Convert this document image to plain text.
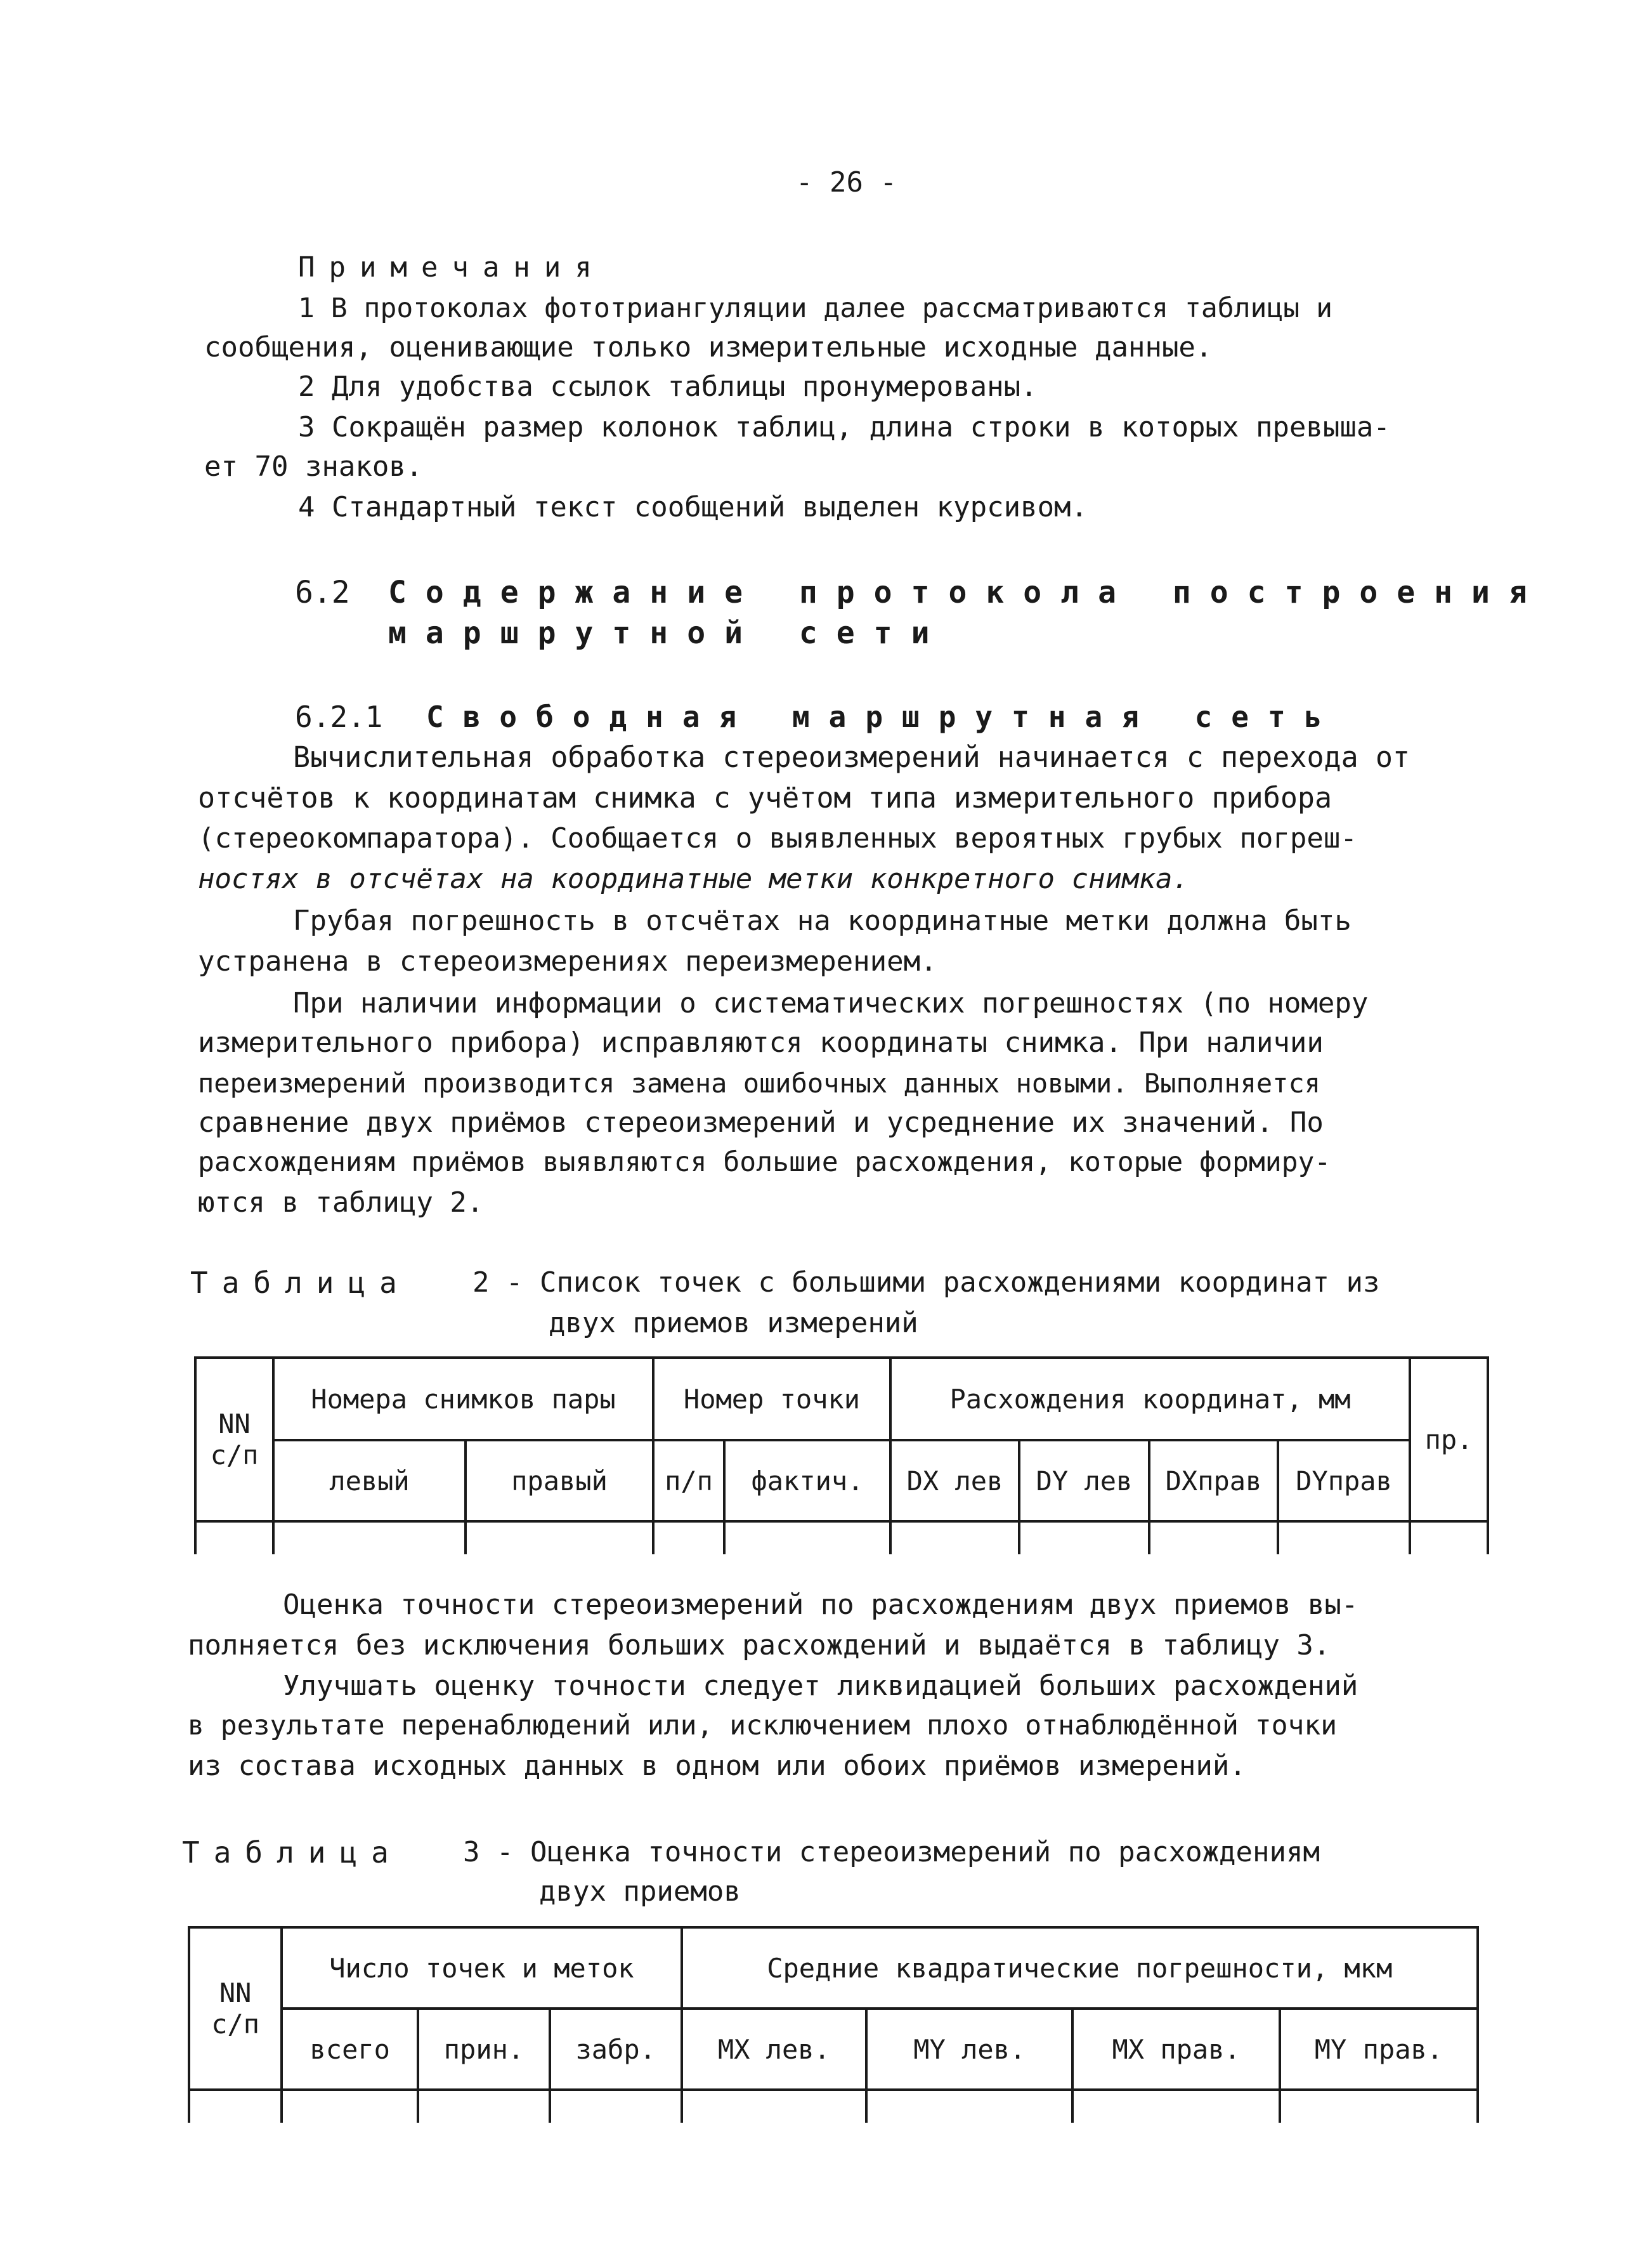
- 26 -
Примечания
1 В протоколах фототриангуляции далее рассматриваются таблицы и
сообщения, оценивающие только измерительные исходные данные.
2 Для удобства ссылок таблицы пронумерованы.
3 Сокращён размер колонок таблиц, длина строки в которых превыша-
ет 70 знаков.
4 Стандартный текст сообщений выделен курсивом.
6.2 Содержание протокола построения
маршрутной сети
6.2.1 Свободная маршрутная сеть
Вычислительная обработка стереоизмерений начинается с перехода от
отсчётов к координатам снимка с учётом типа измерительного прибора
(стереокомпаратора). Сообщается о выявленных вероятных грубых погреш-
ностях в отсчётах на координатные метки конкретного снимка.
Грубая погрешность в отсчётах на координатные метки должна быть
устранена в стереоизмерениях переизмерением.
При наличии информации о систематических погрешностях (по номеру
измерительного прибора) исправляются координаты снимка. При наличии
переизмерений производится замена ошибочных данных новыми. Выполняется
сравнение двух приёмов стереоизмерений и усреднение их значений. По
расхождениям приёмов выявляются большие расхождения, которые формиру-
ются в таблицу 2.
Таблица 2 - Список точек с большими расхождениями координат из
двух приемов измерений
NN
с/п	Номера снимков пары		Номер точки		Расхождения координат, мм				пр.
	левый	правый	п/п	фактич.	DX лев	DY лев	DXправ	DYправ	

Оценка точности стереоизмерений по расхождениям двух приемов вы-
полняется без исключения больших расхождений и выдаётся в таблицу 3.
Улучшать оценку точности следует ликвидацией больших расхождений
в результате перенаблюдений или, исключением плохо отнаблюдённой точки
из состава исходных данных в одном или обоих приёмов измерений.
Таблица 3 - Оценка точности стереоизмерений по расхождениям
двух приемов
NN
с/п	Число точек и меток			Средние квадратические погрешности, мкм			
	всего	прин.	забр.	MX лев.	MY лев.	MX прав.	MY прав.
